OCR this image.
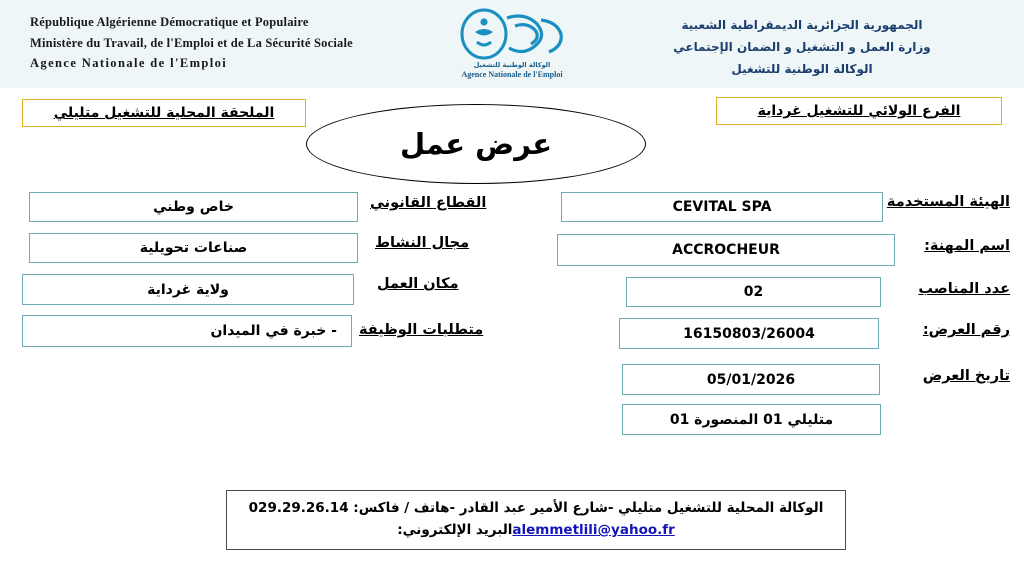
République Algérienne Démocratique et Populaire
Ministère du Travail, de l'Emploi et de La Sécurité Sociale
Agence Nationale de l'Emploi	الوكالة الوطنية للتشغيل
Agence Nationale de l'Emploi
الجمهورية الجزائرية الديمقراطية الشعبية
وزارة العمل و التشغيل و الضمان الإجتماعي
الوكالة الوطنية للتشغيل
الملحقة المحلية للتشغيل متليلي	الفرع الولائي للتشغيل غرداية
عرض عمل
الهيئة المستخدمة
CEVITAL SPA
اسم المهنة:
ACCROCHEUR
عدد المناصب
02
رقم العرض:
16150803/26004
تاريخ العرض
05/01/2026
متليلي 01 المنصورة 01
القطاع القانوني
خاص وطني
مجال النشاط
صناعات تحويلية
مكان العمل
ولاية غرداية
متطلبات الوظيفة
- خبرة في الميدان
الوكالة المحلية للتشغيل متليلي -شارع الأمير عبد القادر -هاتف / فاكس: 029.29.26.14
alemmetlili@yahoo.frالبريد الإلكتروني:
